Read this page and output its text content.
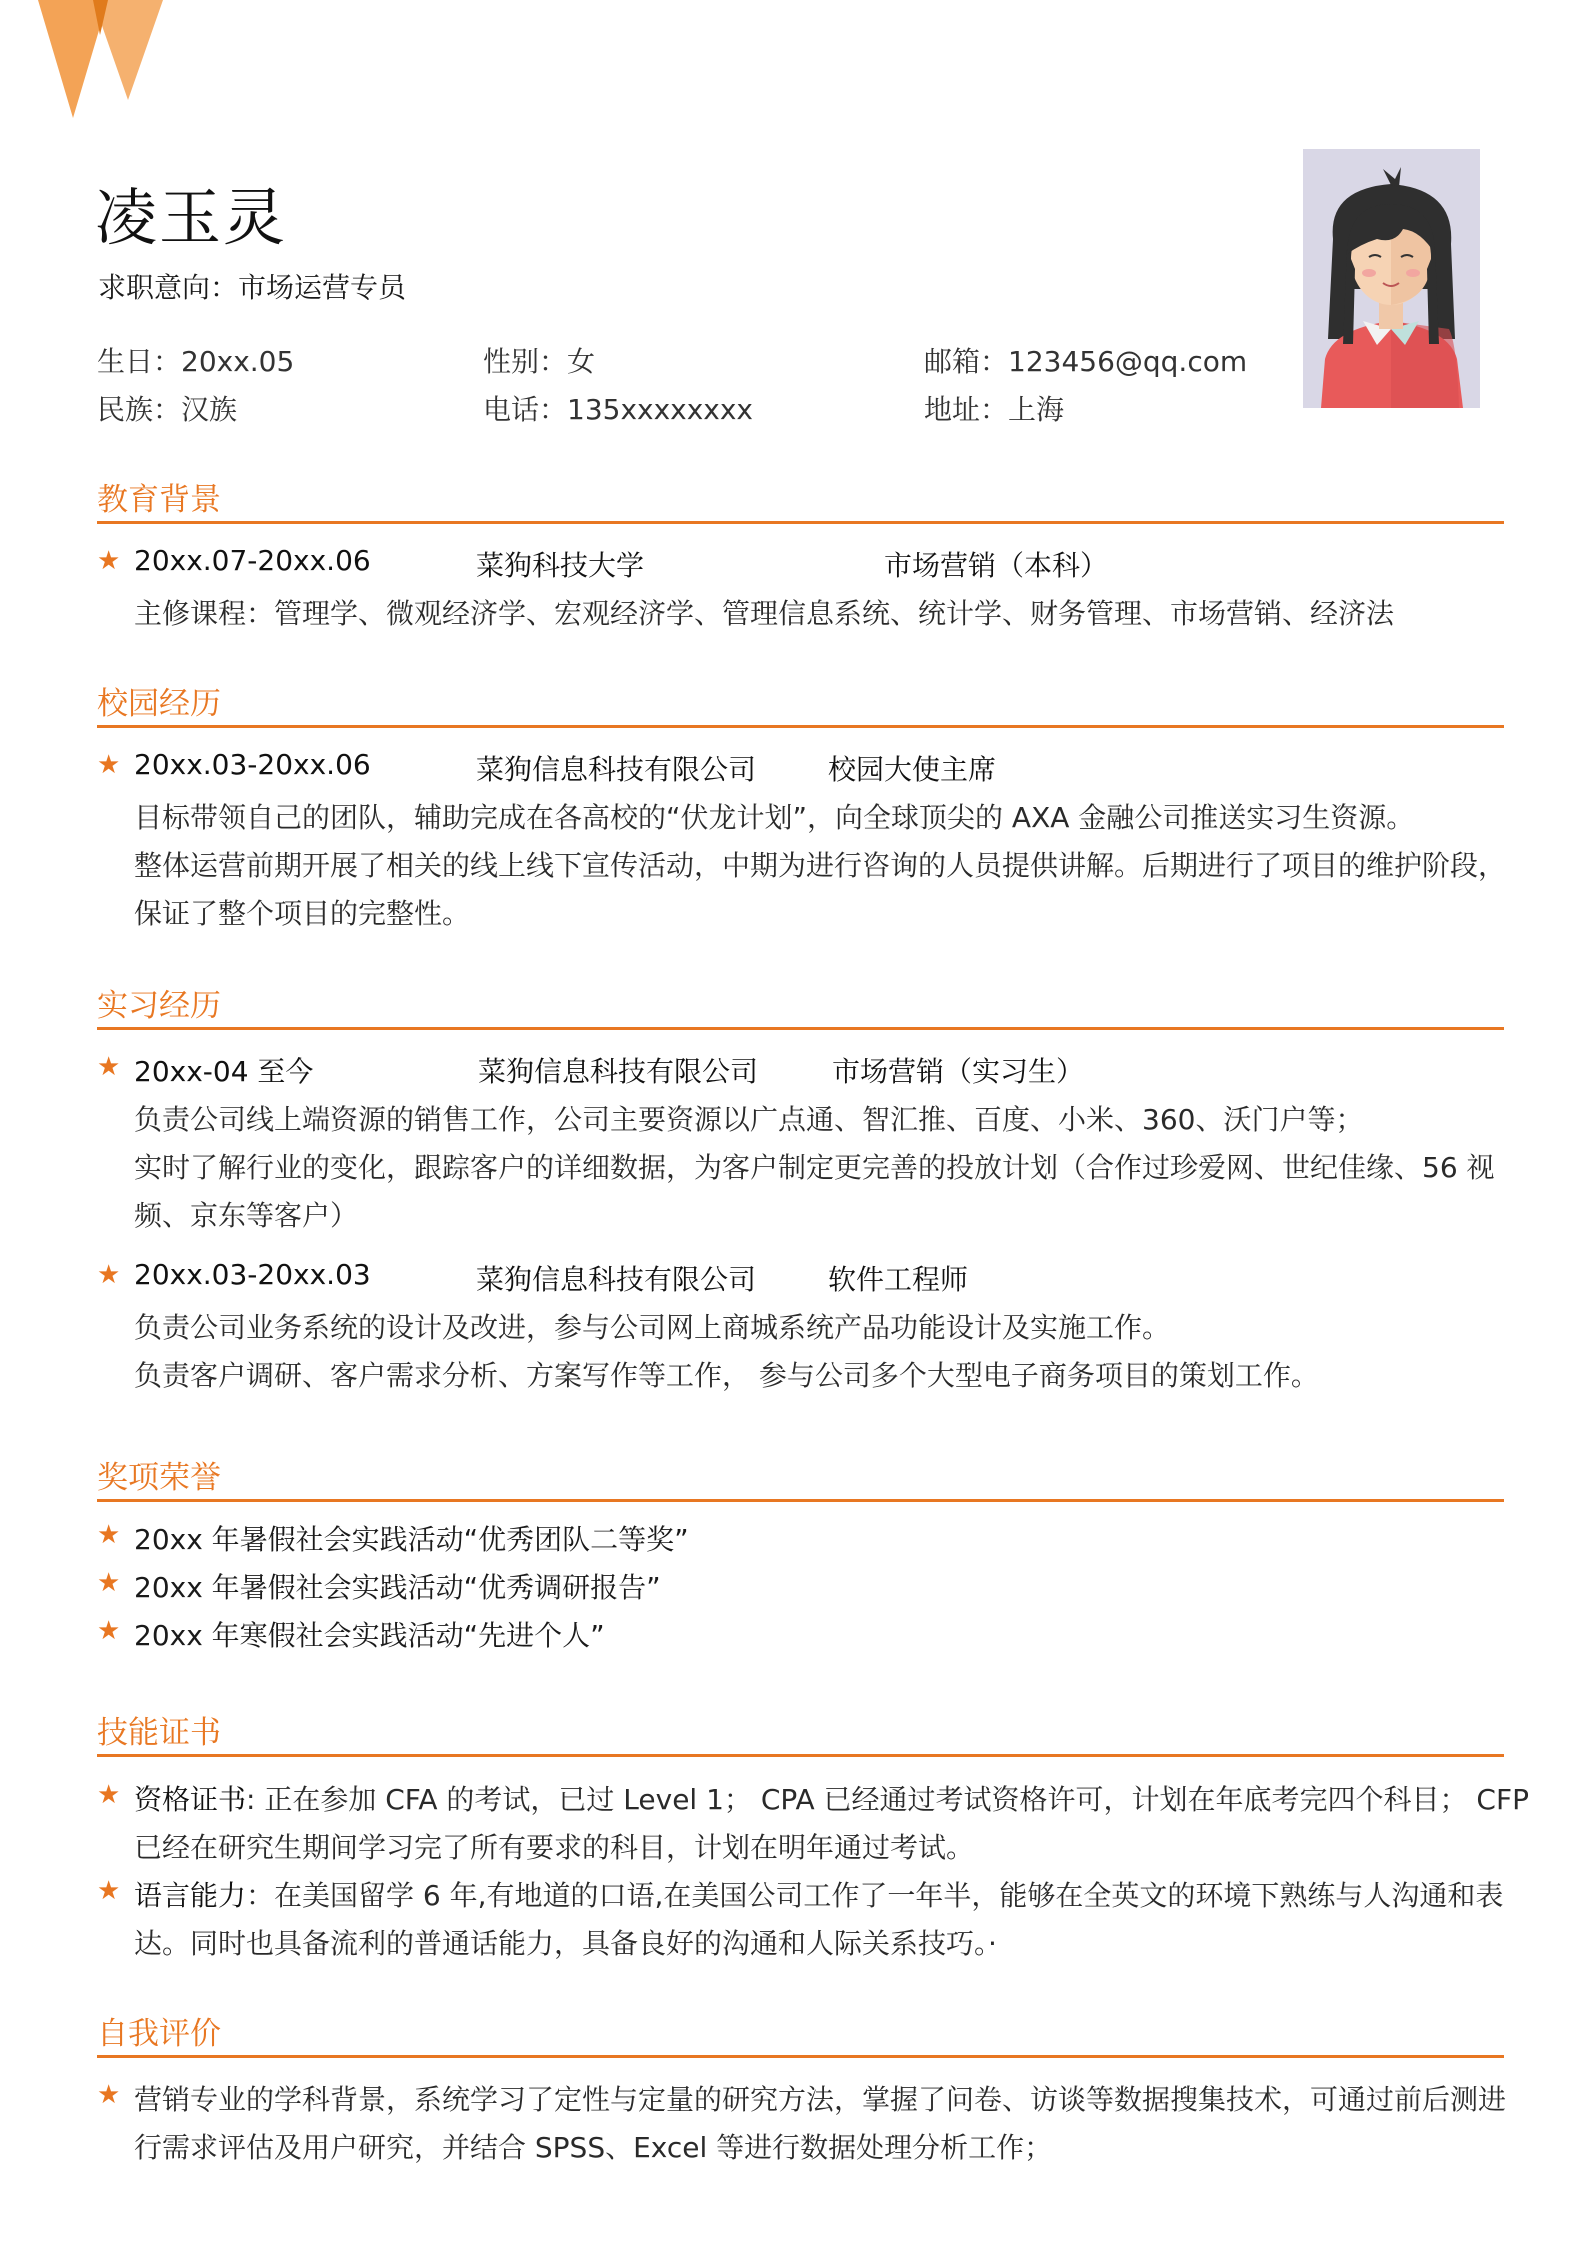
凌玉灵
求职意向：市场运营专员
生日：20xx.05	性别：女	邮箱：123456@qq.com
民族：汉族	电话：135xxxxxxxx	地址：上海
教育背景
★ 20xx.07-20xx.06	菜狗科技大学	市场营销（本科）
主修课程：管理学、微观经济学、宏观经济学、管理信息系统、统计学、财务管理、市场营销、经济法
校园经历
★ 20xx.03-20xx.06	菜狗信息科技有限公司	校园大使主席
目标带领自己的团队，辅助完成在各高校的“伏龙计划”，向全球顶尖的 AXA 金融公司推送实习生资源。
整体运营前期开展了相关的线上线下宣传活动，中期为进行咨询的人员提供讲解。后期进行了项目的维护阶段，
保证了整个项目的完整性。
实习经历
★ 20xx-04 至今	菜狗信息科技有限公司	市场营销（实习生）
负责公司线上端资源的销售工作，公司主要资源以广点通、智汇推、百度、小米、360、沃门户等；
实时了解行业的变化，跟踪客户的详细数据，为客户制定更完善的投放计划（合作过珍爱网、世纪佳缘、56 视
频、京东等客户）
★ 20xx.03-20xx.03	菜狗信息科技有限公司	软件工程师
负责公司业务系统的设计及改进，参与公司网上商城系统产品功能设计及实施工作。
负责客户调研、客户需求分析、方案写作等工作， 参与公司多个大型电子商务项目的策划工作。
奖项荣誉
★ 20xx 年暑假社会实践活动“优秀团队二等奖”
★ 20xx 年暑假社会实践活动“优秀调研报告”
★ 20xx 年寒假社会实践活动“先进个人”
技能证书
★ 资格证书: 正在参加 CFA 的考试，已过 Level 1； CPA 已经通过考试资格许可，计划在年底考完四个科目； CFP
已经在研究生期间学习完了所有要求的科目，计划在明年通过考试。
★ 语言能力：在美国留学 6 年,有地道的口语,在美国公司工作了一年半，能够在全英文的环境下熟练与人沟通和表
达。同时也具备流利的普通话能力，具备良好的沟通和人际关系技巧。·
自我评价
★ 营销专业的学科背景，系统学习了定性与定量的研究方法，掌握了问卷、访谈等数据搜集技术，可通过前后测进
行需求评估及用户研究，并结合 SPSS、Excel 等进行数据处理分析工作；
